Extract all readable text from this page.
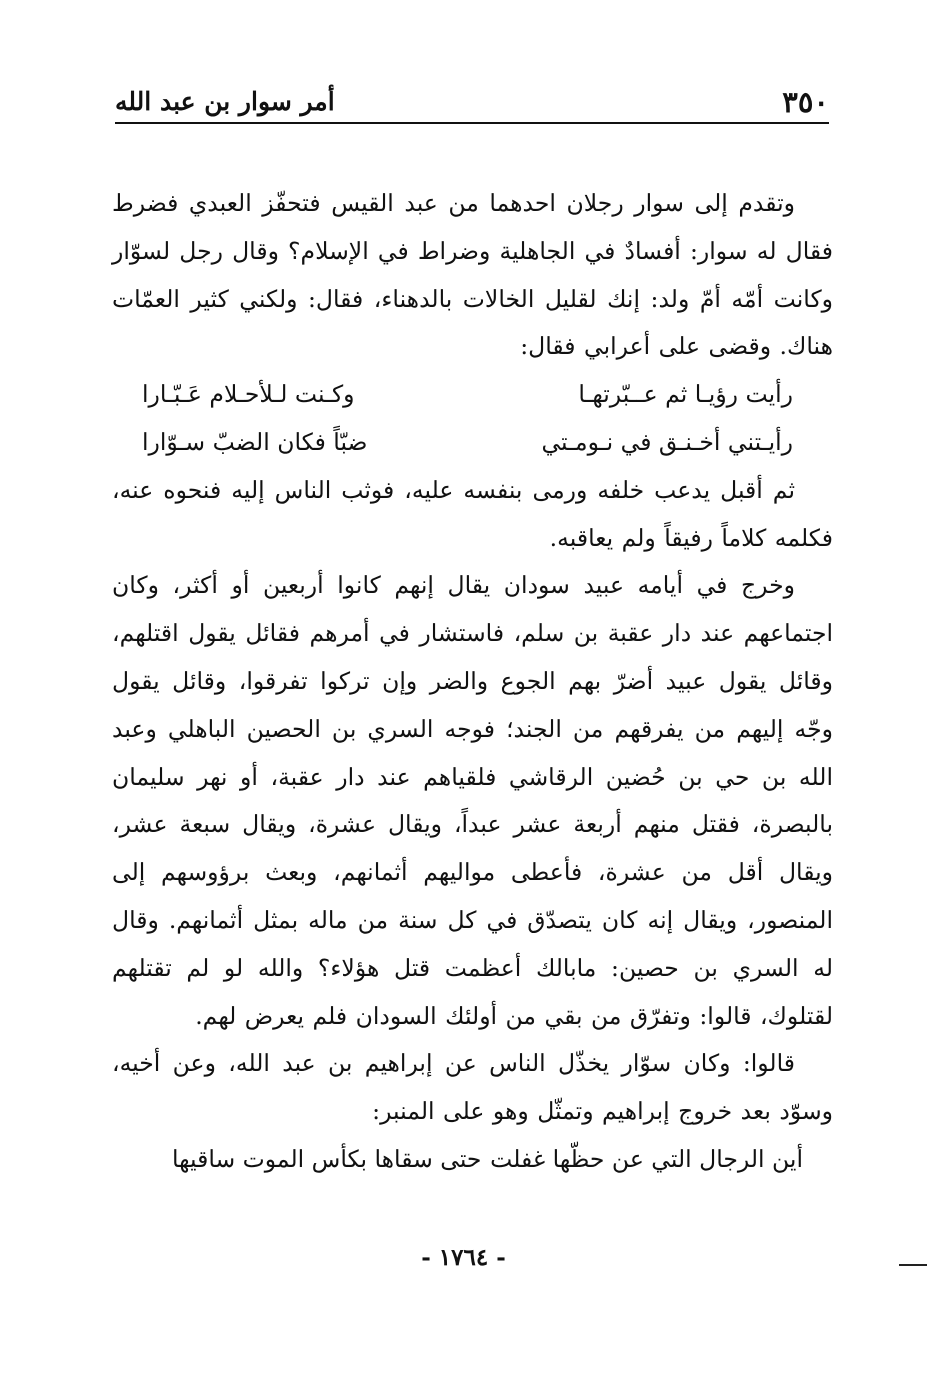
٣٥٠
أمر سوار بن عبد الله

وتقدم إلى سوار رجلان احدهما من عبد القيس فتحفّز العبدي فضرط فقال له سوار: أفسادٌ في الجاهلية وضراط في الإسلام؟ وقال رجل لسوّار وكانت أمّه أمّ ولد: إنك لقليل الخالات بالدهناء، فقال: ولكني كثير العمّات هناك. وقضى على أعرابي فقال:

رأيت رؤيـا ثم عــبّرتهـا
وكـنت لـلأحـلام عَـبّـارا
رأيـتني أخـنـق في نـومـتي
ضبّاً فكان الضبّ سـوّارا

ثم أقبل يدعب خلفه ورمى بنفسه عليه، فوثب الناس إليه فنحوه عنه، فكلمه كلاماً رفيقاً ولم يعاقبه.

وخرج في أيامه عبيد سودان يقال إنهم كانوا أربعين أو أكثر، وكان اجتماعهم عند دار عقبة بن سلم، فاستشار في أمرهم فقائل يقول اقتلهم، وقائل يقول عبيد أضرّ بهم الجوع والضر وإن تركوا تفرقوا، وقائل يقول وجّه إليهم من يفرقهم من الجند؛ فوجه السري بن الحصين الباهلي وعبد الله بن حي بن حُضين الرقاشي فلقياهم عند دار عقبة، أو نهر سليمان بالبصرة، فقتل منهم أربعة عشر عبداً، ويقال عشرة، ويقال سبعة عشر، ويقال أقل من عشرة، فأعطى مواليهم أثمانهم، وبعث برؤوسهم إلى المنصور، ويقال إنه كان يتصدّق في كل سنة من ماله بمثل أثمانهم. وقال له السري بن حصين: مابالك أعظمت قتل هؤلاء؟ والله لو لم تقتلهم لقتلوك، قالوا: وتفرّق من بقي من أولئك السودان فلم يعرض لهم.

قالوا: وكان سوّار يخذّل الناس عن إبراهيم بن عبد الله، وعن أخيه، وسوّد بعد خروج إبراهيم وتمثّل وهو على المنبر:

أين الرجال التي عن حظّها غفلت
حتى سقاها بكأس الموت ساقيها
- ١٧٦٤ -
